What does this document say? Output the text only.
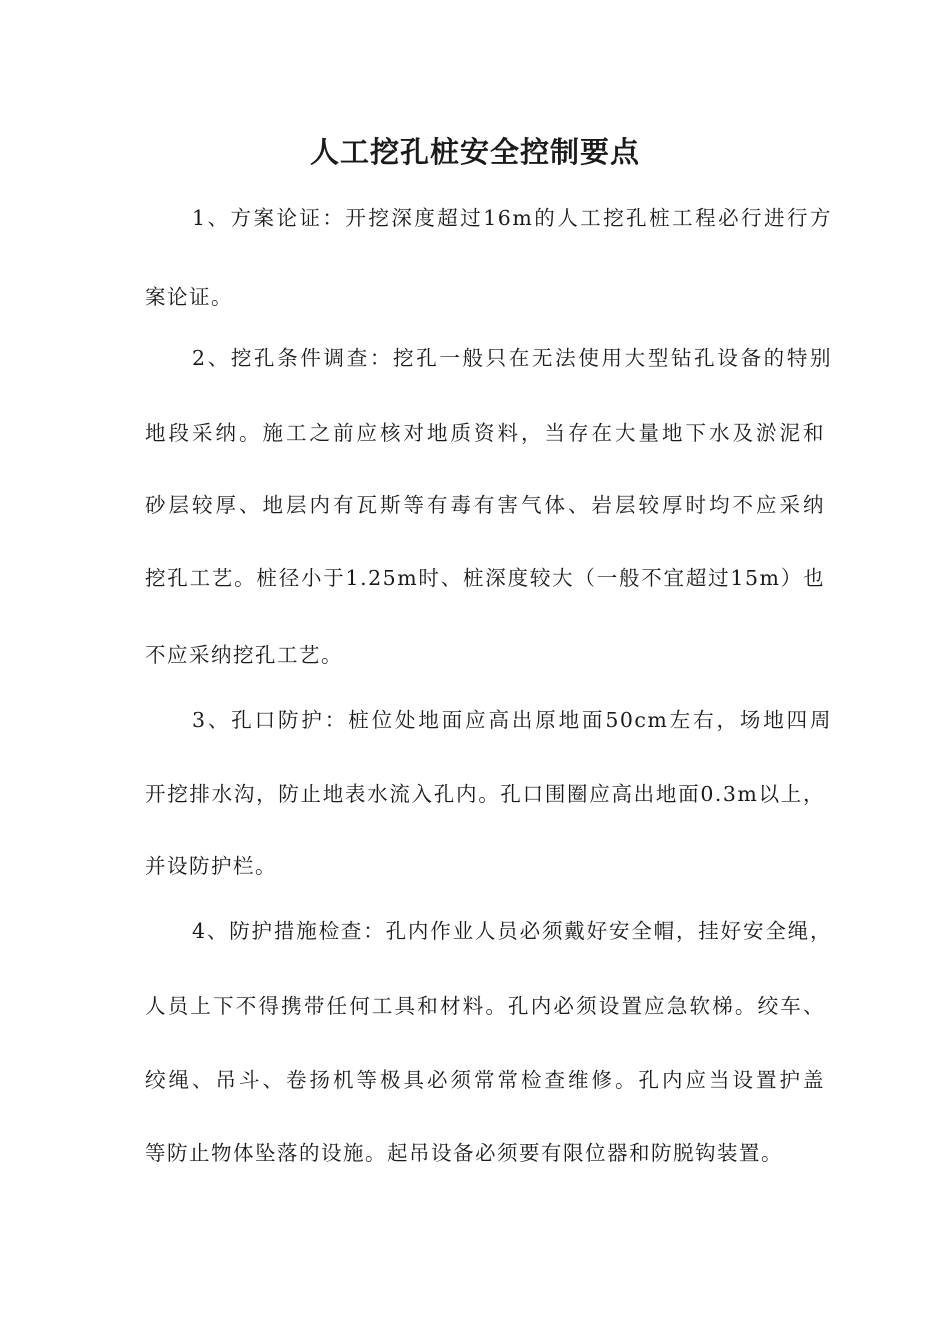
人工挖孔桩安全控制要点
1、方案论证：开挖深度超过16m的人工挖孔桩工程必行进行方
案论证。
2、挖孔条件调查：挖孔一般只在无法使用大型钻孔设备的特别
地段采纳。施工之前应核对地质资料，当存在大量地下水及淤泥和
砂层较厚、地层内有瓦斯等有毒有害气体、岩层较厚时均不应采纳
挖孔工艺。桩径小于1.25m时、桩深度较大（一般不宜超过15m）也
不应采纳挖孔工艺。
3、孔口防护：桩位处地面应高出原地面50cm左右，场地四周
开挖排水沟，防止地表水流入孔内。孔口围圈应高出地面0.3m以上，
并设防护栏。
4、防护措施检查：孔内作业人员必须戴好安全帽，挂好安全绳，
人员上下不得携带任何工具和材料。孔内必须设置应急软梯。绞车、
绞绳、吊斗、卷扬机等极具必须常常检查维修。孔内应当设置护盖
等防止物体坠落的设施。起吊设备必须要有限位器和防脱钩装置。
